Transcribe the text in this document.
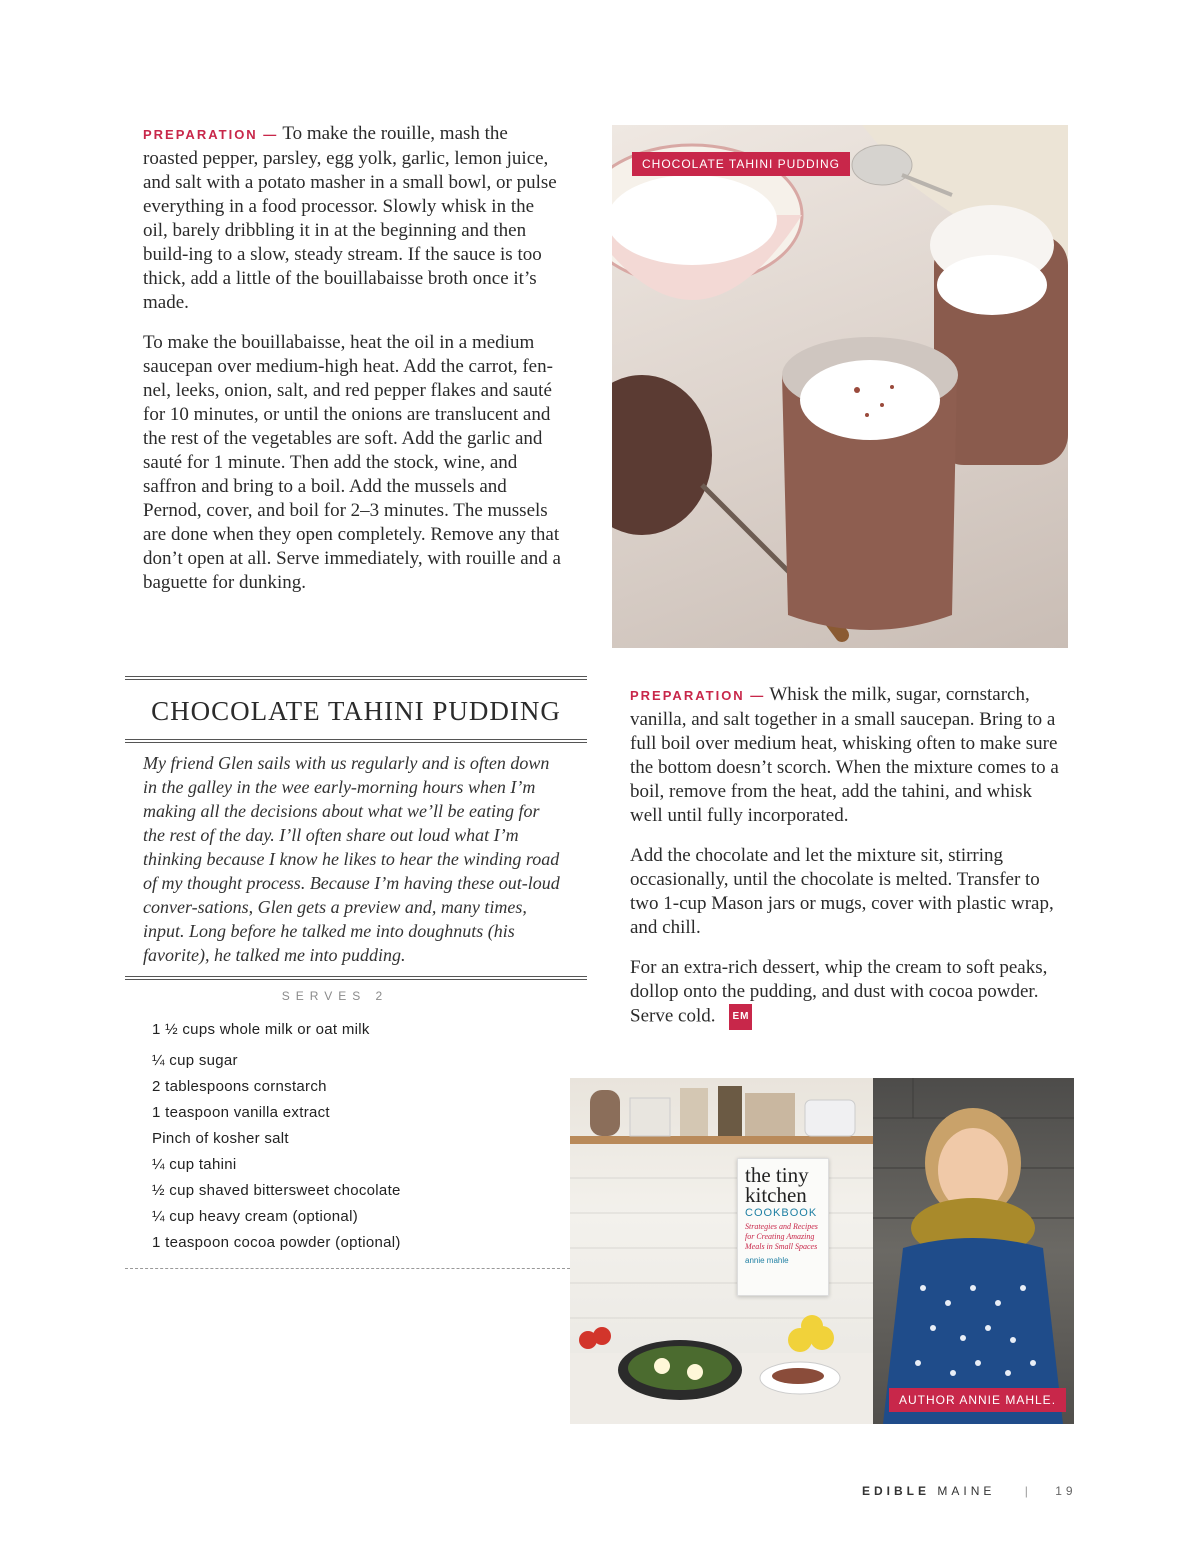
PREPARATION — To make the rouille, mash the roasted pepper, parsley, egg yolk, garlic, lemon juice, and salt with a potato masher in a small bowl, or pulse everything in a food processor. Slowly whisk in the oil, barely dribbling it in at the beginning and then build-ing to a slow, steady stream. If the sauce is too thick, add a little of the bouillabaisse broth once it’s made.

To make the bouillabaisse, heat the oil in a medium saucepan over medium-high heat. Add the carrot, fen-nel, leeks, onion, salt, and red pepper flakes and sauté for 10 minutes, or until the onions are translucent and the rest of the vegetables are soft. Add the garlic and sauté for 1 minute. Then add the stock, wine, and saffron and bring to a boil. Add the mussels and Pernod, cover, and boil for 2–3 minutes. The mussels are done when they open completely. Remove any that don’t open at all. Serve immediately, with rouille and a baguette for dunking.

CHOCOLATE TAHINI PUDDING
CHOCOLATE TAHINI PUDDING

My friend Glen sails with us regularly and is often down in the galley in the wee early-morning hours when I’m making all the decisions about what we’ll be eating for the rest of the day. I’ll often share out loud what I’m thinking because I know he likes to hear the winding road of my thought process. Because I’m having these out-loud conver-sations, Glen gets a preview and, many times, input. Long before he talked me into doughnuts (his favorite), he talked me into pudding.

SERVES 2
1 ½ cups whole milk or oat milk
¼ cup sugar
2 tablespoons cornstarch
1 teaspoon vanilla extract
Pinch of kosher salt
¼ cup tahini
½ cup shaved bittersweet chocolate
¼ cup heavy cream (optional)
1 teaspoon cocoa powder (optional)

PREPARATION — Whisk the milk, sugar, cornstarch, vanilla, and salt together in a small saucepan. Bring to a full boil over medium heat, whisking often to make sure the bottom doesn’t scorch. When the mixture comes to a boil, remove from the heat, add the tahini, and whisk well until fully incorporated.

Add the chocolate and let the mixture sit, stirring occasionally, until the chocolate is melted. Transfer to two 1-cup Mason jars or mugs, cover with plastic wrap, and chill.

For an extra-rich dessert, whip the cream to soft peaks, dollop onto the pudding, and dust with cocoa powder. Serve cold. EM

the tiny
kitchen
COOKBOOK
Strategies and Recipes for Creating Amazing Meals in Small Spaces
annie mahle
AUTHOR ANNIE MAHLE.
EDIBLE MAINE | 19
